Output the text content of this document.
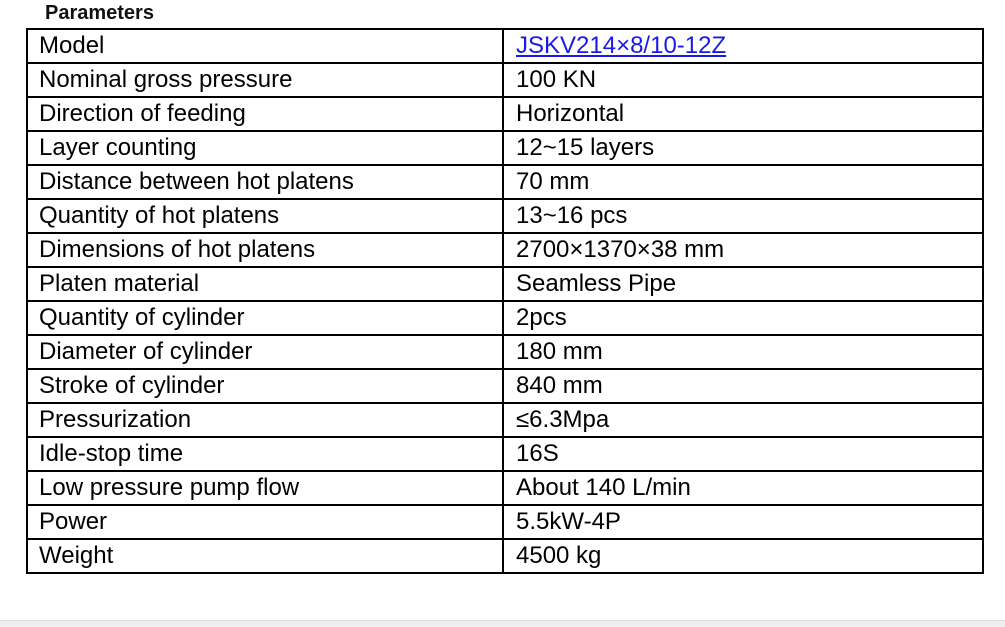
Parameters
Model	JSKV214×8/10-12Z
Nominal gross pressure	100 KN
Direction of feeding	Horizontal
Layer counting	12~15 layers
Distance between hot platens	70 mm
Quantity of hot platens	13~16 pcs
Dimensions of hot platens	2700×1370×38 mm
Platen material	Seamless Pipe
Quantity of cylinder	2pcs
Diameter of cylinder	180 mm
Stroke of cylinder	840 mm
Pressurization	≤6.3Mpa
Idle-stop time	16S
Low pressure pump flow	About 140 L/min
Power	5.5kW-4P
Weight	4500 kg
